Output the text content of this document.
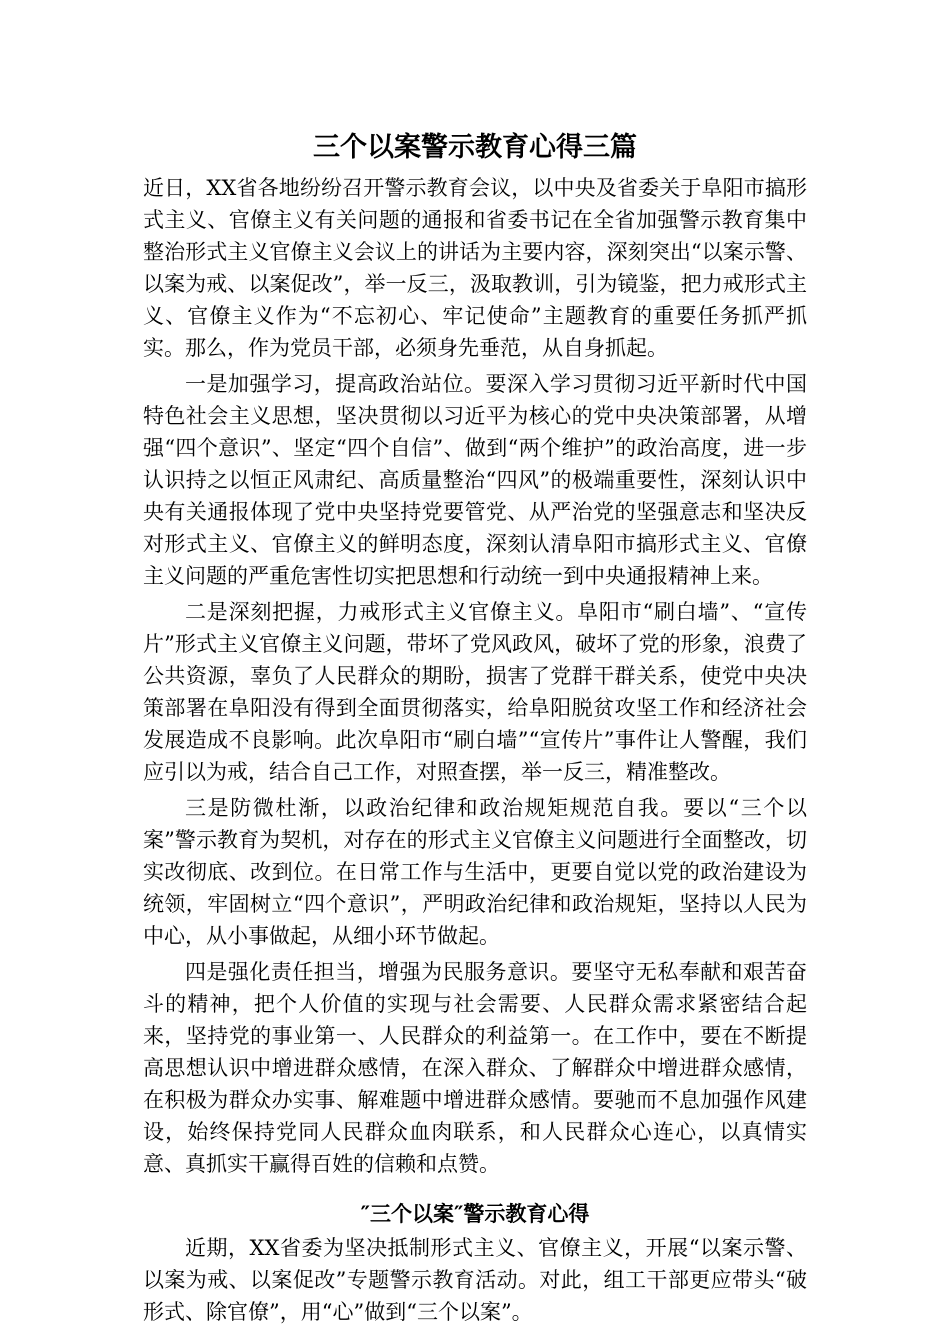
三个以案警示教育心得三篇

近日，XX省各地纷纷召开警示教育会议，以中央及省委关于阜阳市搞形式主义、官僚主义有关问题的通报和省委书记在全省加强警示教育集中整治形式主义官僚主义会议上的讲话为主要内容，深刻突出“以案示警、以案为戒、以案促改”，举一反三，汲取教训，引为镜鉴，把力戒形式主义、官僚主义作为“不忘初心、牢记使命”主题教育的重要任务抓严抓实。那么，作为党员干部，必须身先垂范，从自身抓起。

一是加强学习，提高政治站位。要深入学习贯彻习近平新时代中国特色社会主义思想，坚决贯彻以习近平为核心的党中央决策部署，从增强“四个意识”、坚定“四个自信”、做到“两个维护”的政治高度，进一步认识持之以恒正风肃纪、高质量整治“四风”的极端重要性，深刻认识中央有关通报体现了党中央坚持党要管党、从严治党的坚强意志和坚决反对形式主义、官僚主义的鲜明态度，深刻认清阜阳市搞形式主义、官僚主义问题的严重危害性切实把思想和行动统一到中央通报精神上来。

二是深刻把握，力戒形式主义官僚主义。阜阳市“刷白墙”、“宣传片”形式主义官僚主义问题，带坏了党风政风，破坏了党的形象，浪费了公共资源，辜负了人民群众的期盼，损害了党群干群关系，使党中央决策部署在阜阳没有得到全面贯彻落实，给阜阳脱贫攻坚工作和经济社会发展造成不良影响。此次阜阳市“刷白墙”“宣传片”事件让人警醒，我们应引以为戒，结合自己工作，对照查摆，举一反三，精准整改。

三是防微杜渐，以政治纪律和政治规矩规范自我。要以“三个以案”警示教育为契机，对存在的形式主义官僚主义问题进行全面整改，切实改彻底、改到位。在日常工作与生活中，更要自觉以党的政治建设为统领，牢固树立“四个意识”，严明政治纪律和政治规矩，坚持以人民为中心，从小事做起，从细小环节做起。

四是强化责任担当，增强为民服务意识。要坚守无私奉献和艰苦奋斗的精神，把个人价值的实现与社会需要、人民群众需求紧密结合起来，坚持党的事业第一、人民群众的利益第一。在工作中，要在不断提高思想认识中增进群众感情，在深入群众、了解群众中增进群众感情，在积极为群众办实事、解难题中增进群众感情。要驰而不息加强作风建设，始终保持党同人民群众血肉联系，和人民群众心连心，以真情实意、真抓实干赢得百姓的信赖和点赞。

″三个以案″警示教育心得

近期，XX省委为坚决抵制形式主义、官僚主义，开展“以案示警、以案为戒、以案促改”专题警示教育活动。对此，组工干部更应带头“破形式、除官僚”，用“心”做到“三个以案”。
